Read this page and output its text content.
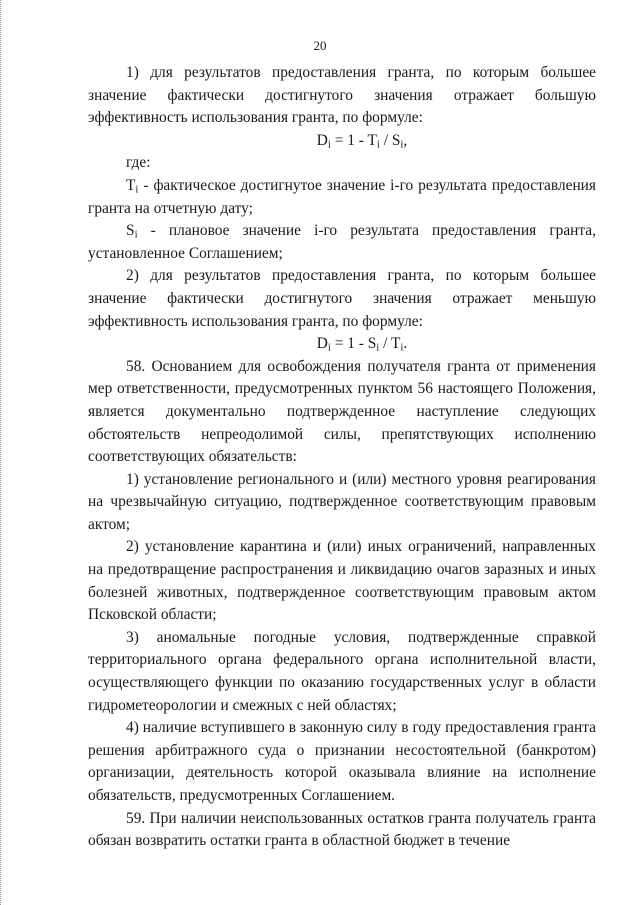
20

1) для результатов предоставления гранта, по которым большее значение фактически достигнутого значения отражает большую эффективность использования гранта, по формуле:

$D_i = 1 - T_i / S_i$,

где:

$T_i$ - фактическое достигнутое значение i-го результата предоставления гранта на отчетную дату;

$S_i$ - плановое значение i-го результата предоставления гранта, установленное Соглашением;

2) для результатов предоставления гранта, по которым большее значение фактически достигнутого значения отражает меньшую эффективность использования гранта, по формуле:

$D_i = 1 - S_i / T_i$.

58. Основанием для освобождения получателя гранта от применения мер ответственности, предусмотренных пунктом 56 настоящего Положения, является документально подтвержденное наступление следующих обстоятельств непреодолимой силы, препятствующих исполнению соответствующих обязательств:

1) установление регионального и (или) местного уровня реагирования на чрезвычайную ситуацию, подтвержденное соответствующим правовым актом;

2) установление карантина и (или) иных ограничений, направленных на предотвращение распространения и ликвидацию очагов заразных и иных болезней животных, подтвержденное соответствующим правовым актом Псковской области;

3) аномальные погодные условия, подтвержденные справкой территориального органа федерального органа исполнительной власти, осуществляющего функции по оказанию государственных услуг в области гидрометеорологии и смежных с ней областях;

4) наличие вступившего в законную силу в году предоставления гранта решения арбитражного суда о признании несостоятельной (банкротом) организации, деятельность которой оказывала влияние на исполнение обязательств, предусмотренных Соглашением.

59. При наличии неиспользованных остатков гранта получатель гранта обязан возвратить остатки гранта в областной бюджет в течение
